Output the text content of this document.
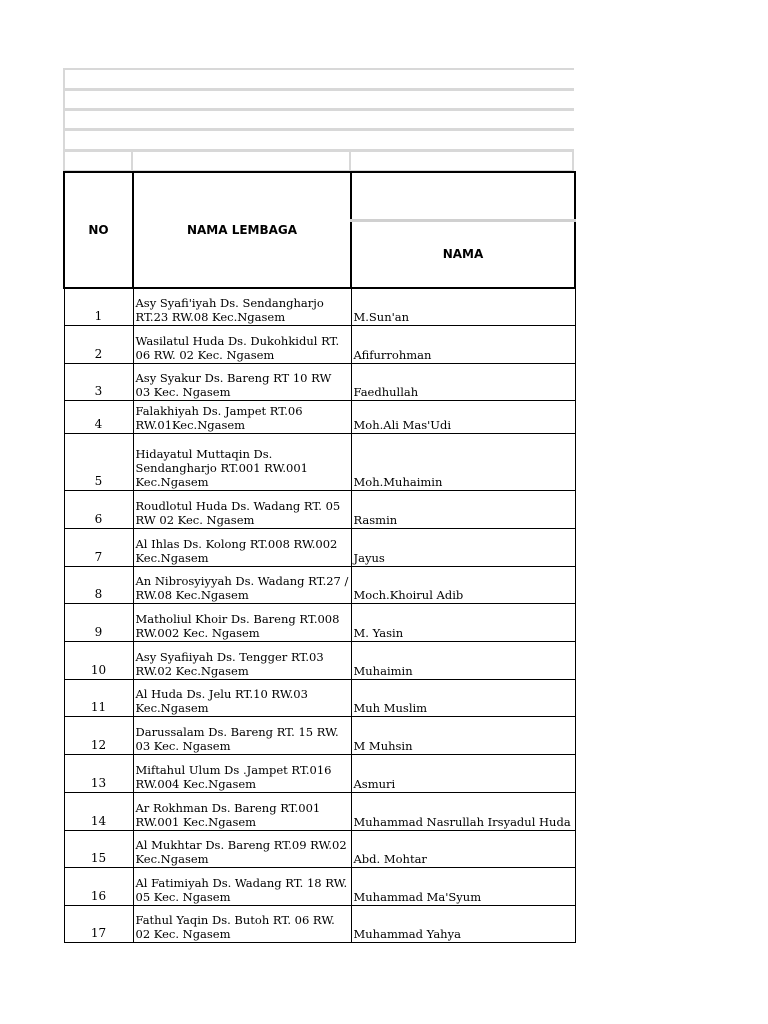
NO	NAMA LEMBAGA	
		NAMA
1	Asy Syafi'iyah Ds. Sendangharjo RT.23 RW.08 Kec.Ngasem	M.Sun'an
2	Wasilatul Huda Ds. Dukohkidul RT. 06 RW. 02 Kec. Ngasem	Afifurrohman
3	Asy Syakur Ds. Bareng RT 10 RW 03 Kec. Ngasem	Faedhullah
4	Falakhiyah Ds. Jampet RT.06 RW.01Kec.Ngasem	Moh.Ali Mas'Udi
5	Hidayatul Muttaqin Ds. Sendangharjo RT.001 RW.001 Kec.Ngasem	Moh.Muhaimin
6	Roudlotul Huda Ds. Wadang RT. 05 RW 02 Kec. Ngasem	Rasmin
7	Al Ihlas Ds. Kolong RT.008 RW.002 Kec.Ngasem	Jayus
8	An Nibrosyiyyah Ds. Wadang RT.27 / RW.08 Kec.Ngasem	Moch.Khoirul Adib
9	Matholiul Khoir Ds. Bareng RT.008 RW.002 Kec. Ngasem	M. Yasin
10	Asy Syafiiyah Ds. Tengger RT.03 RW.02 Kec.Ngasem	Muhaimin
11	Al Huda Ds. Jelu RT.10 RW.03 Kec.Ngasem	Muh Muslim
12	Darussalam Ds. Bareng RT. 15 RW. 03 Kec. Ngasem	M Muhsin
13	Miftahul Ulum Ds .Jampet RT.016 RW.004 Kec.Ngasem	Asmuri
14	Ar Rokhman Ds. Bareng RT.001 RW.001 Kec.Ngasem	Muhammad Nasrullah Irsyadul Huda
15	Al Mukhtar Ds. Bareng RT.09 RW.02 Kec.Ngasem	Abd. Mohtar
16	Al Fatimiyah Ds. Wadang RT. 18 RW. 05 Kec. Ngasem	Muhammad Ma'Syum
17	Fathul Yaqin Ds. Butoh RT. 06 RW. 02 Kec. Ngasem	Muhammad Yahya
